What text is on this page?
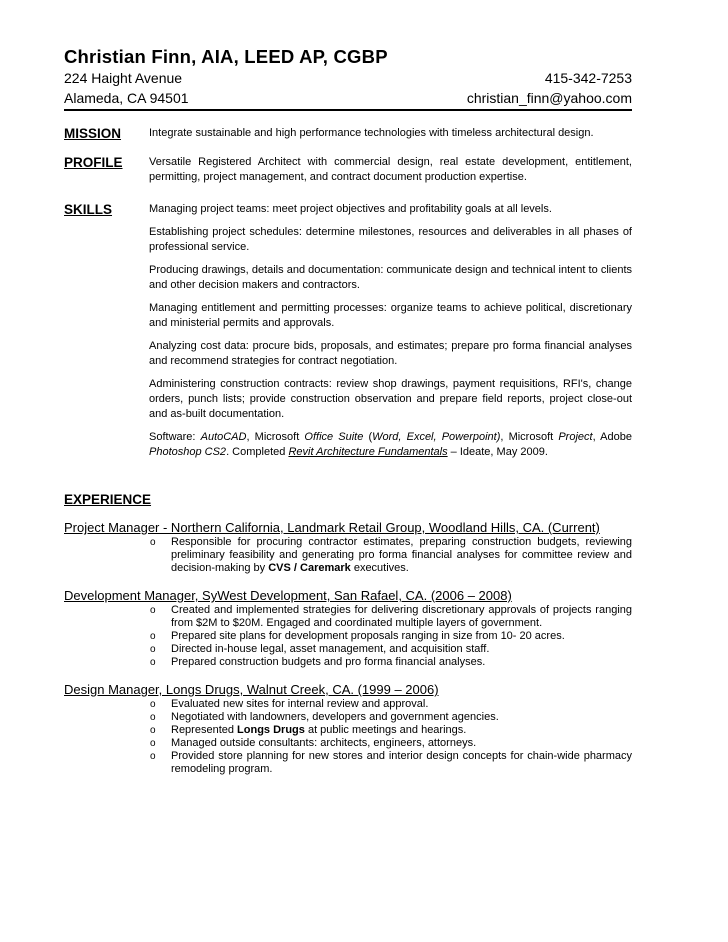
Christian Finn, AIA, LEED AP, CGBP
224 Haight Avenue	415-342-7253
Alameda, CA 94501	christian_finn@yahoo.com
MISSION	Integrate sustainable and high performance technologies with timeless architectural design.

PROFILE	Versatile Registered Architect with commercial design, real estate development, entitlement, permitting, project management, and contract document production expertise.

SKILLS	Managing project teams: meet project objectives and profitability goals at all levels.

Establishing project schedules: determine milestones, resources and deliverables in all phases of professional service.

Producing drawings, details and documentation: communicate design and technical intent to clients and other decision makers and contractors.

Managing entitlement and permitting processes: organize teams to achieve political, discretionary and ministerial permits and approvals.

Analyzing cost data: procure bids, proposals, and estimates; prepare pro forma financial analyses and recommend strategies for contract negotiation.

Administering construction contracts: review shop drawings, payment requisitions, RFI's, change orders, punch lists; provide construction observation and prepare field reports, project close-out and as-built documentation.

Software: AutoCAD, Microsoft Office Suite (Word, Excel, Powerpoint), Microsoft Project, Adobe Photoshop CS2. Completed Revit Architecture Fundamentals – Ideate, May 2009.

EXPERIENCE
Project Manager - Northern California, Landmark Retail Group, Woodland Hills, CA. (Current)
o Responsible for procuring contractor estimates, preparing construction budgets, reviewing preliminary feasibility and generating pro forma financial analyses for committee review and decision-making by CVS / Caremark executives.
Development Manager, SyWest Development, San Rafael, CA. (2006 – 2008)
o Created and implemented strategies for delivering discretionary approvals of projects ranging from $2M to $20M. Engaged and coordinated multiple layers of government.
o Prepared site plans for development proposals ranging in size from 10- 20 acres.
o Directed in-house legal, asset management, and acquisition staff.
o Prepared construction budgets and pro forma financial analyses.
Design Manager, Longs Drugs, Walnut Creek, CA. (1999 – 2006)
o Evaluated new sites for internal review and approval.
o Negotiated with landowners, developers and government agencies.
o Represented Longs Drugs at public meetings and hearings.
o Managed outside consultants: architects, engineers, attorneys.
o Provided store planning for new stores and interior design concepts for chain-wide pharmacy remodeling program.
